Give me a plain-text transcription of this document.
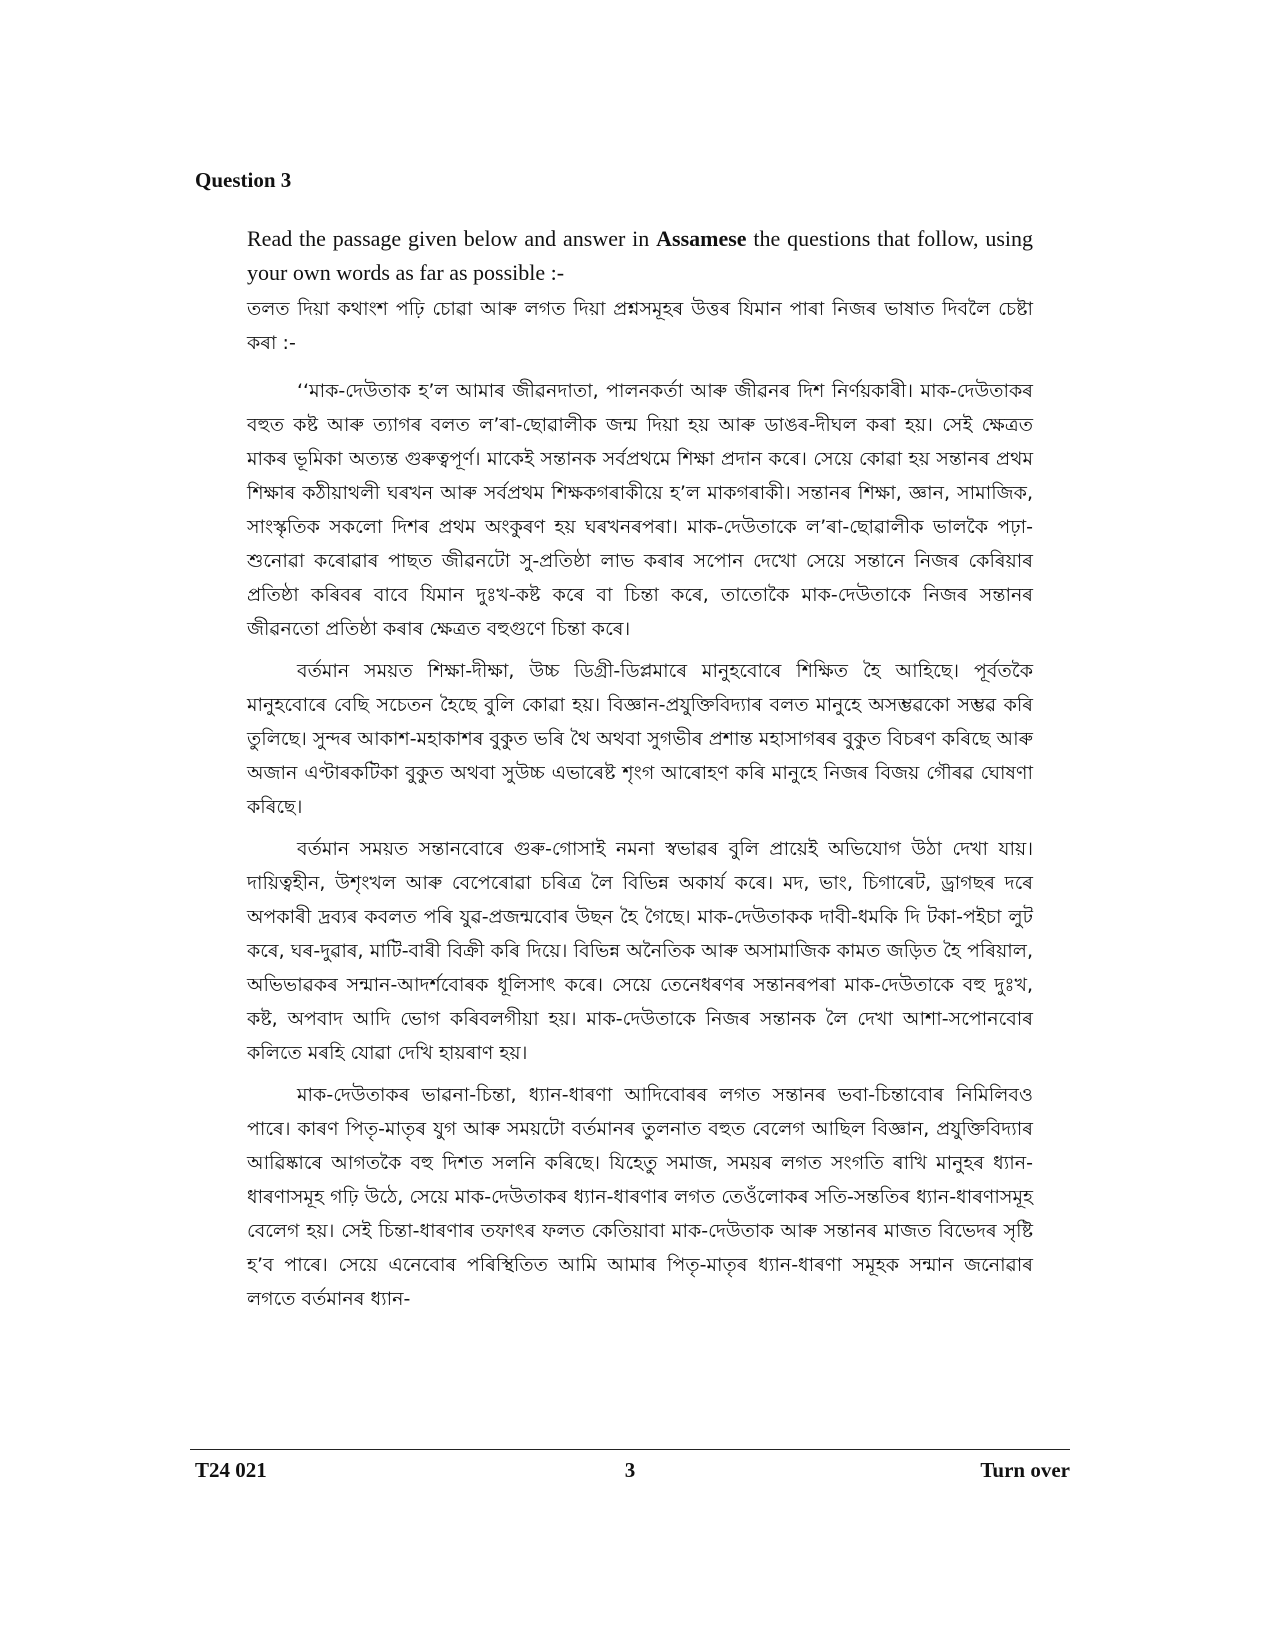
Question 3

Read the passage given below and answer in Assamese the questions that follow, using your own words as far as possible :-

তলত দিয়া কথাংশ পঢ়ি চোৱা আৰু লগত দিয়া প্ৰশ্নসমূহৰ উত্তৰ যিমান পাৰা নিজৰ ভাষাত দিবলৈ চেষ্টা কৰা :-

‘‘মাক-দেউতাক হ’ল আমাৰ জীৱনদাতা, পালনকৰ্তা আৰু জীৱনৰ দিশ নিৰ্ণয়কাৰী। মাক-দেউতাকৰ বহুত কষ্ট আৰু ত্যাগৰ বলত ল’ৰা-ছোৱালীক জন্ম দিয়া হয় আৰু ডাঙৰ-দীঘল কৰা হয়। সেই ক্ষেত্ৰত মাকৰ ভূমিকা অত্যন্ত গুৰুত্বপূৰ্ণ। মাকেই সন্তানক সৰ্বপ্ৰথমে শিক্ষা প্ৰদান কৰে। সেয়ে কোৱা হয় সন্তানৰ প্ৰথম শিক্ষাৰ কঠীয়াথলী ঘৰখন আৰু সৰ্বপ্ৰথম শিক্ষকগৰাকীয়ে হ’ল মাকগৰাকী। সন্তানৰ শিক্ষা, জ্ঞান, সামাজিক, সাংস্কৃতিক সকলো দিশৰ প্ৰথম অংকুৰণ হয় ঘৰখনৰপৰা। মাক-দেউতাকে ল’ৰা-ছোৱালীক ভালকৈ পঢ়া-শুনোৱা কৰোৱাৰ পাছত জীৱনটো সু-প্ৰতিষ্ঠা লাভ কৰাৰ সপোন দেখো সেয়ে সন্তানে নিজৰ কেৰিয়াৰ প্ৰতিষ্ঠা কৰিবৰ বাবে যিমান দুঃখ-কষ্ট কৰে বা চিন্তা কৰে, তাতোকৈ মাক-দেউতাকে নিজৰ সন্তানৰ জীৱনতো প্ৰতিষ্ঠা কৰাৰ ক্ষেত্ৰত বহুগুণে চিন্তা কৰে।

বৰ্তমান সময়ত শিক্ষা-দীক্ষা, উচ্চ ডিগ্ৰী-ডিপ্লমাৰে মানুহবোৰে শিক্ষিত হৈ আহিছে। পূৰ্বতকৈ মানুহবোৰে বেছি সচেতন হৈছে বুলি কোৱা হয়। বিজ্ঞান-প্ৰযুক্তিবিদ্যাৰ বলত মানুহে অসম্ভৱকো সম্ভৱ কৰি তুলিছে। সুন্দৰ আকাশ-মহাকাশৰ বুকুত ভৰি থৈ অথবা সুগভীৰ প্ৰশান্ত মহাসাগৰৰ বুকুত বিচৰণ কৰিছে আৰু অজান এণ্টাৰকটিকা বুকুত অথবা সুউচ্চ এভাৰেষ্ট শৃংগ আৰোহণ কৰি মানুহে নিজৰ বিজয় গৌৰৱ ঘোষণা কৰিছে।

বৰ্তমান সময়ত সন্তানবোৰে গুৰু-গোসাই নমনা স্বভাৱৰ বুলি প্ৰায়েই অভিযোগ উঠা দেখা যায়। দায়িত্বহীন, উশৃংখল আৰু বেপেৰোৱা চৰিত্ৰ লৈ বিভিন্ন অকাৰ্য কৰে। মদ, ভাং, চিগাৰেট, ড্ৰাগছৰ দৰে অপকাৰী দ্ৰব্যৰ কবলত পৰি যুৱ-প্ৰজন্মবোৰ উছন হৈ গৈছে। মাক-দেউতাকক দাবী-ধমকি দি টকা-পইচা লুট কৰে, ঘৰ-দুৱাৰ, মাটি-বাৰী বিক্ৰী কৰি দিয়ে। বিভিন্ন অনৈতিক আৰু অসামাজিক কামত জড়িত হৈ পৰিয়াল, অভিভাৱকৰ সন্মান-আদৰ্শবোৰক ধূলিসাৎ কৰে। সেয়ে তেনেধৰণৰ সন্তানৰপৰা মাক-দেউতাকে বহু দুঃখ, কষ্ট, অপবাদ আদি ভোগ কৰিবলগীয়া হয়। মাক-দেউতাকে নিজৰ সন্তানক লৈ দেখা আশা-সপোনবোৰ কলিতে মৰহি যোৱা দেখি হায়ৰাণ হয়।

মাক-দেউতাকৰ ভাৱনা-চিন্তা, ধ্যান-ধাৰণা আদিবোৰৰ লগত সন্তানৰ ভবা-চিন্তাবোৰ নিমিলিবও পাৰে। কাৰণ পিতৃ-মাতৃৰ যুগ আৰু সময়টো বৰ্তমানৰ তুলনাত বহুত বেলেগ আছিল বিজ্ঞান, প্ৰযুক্তিবিদ্যাৰ আৱিষ্কাৰে আগতকৈ বহু দিশত সলনি কৰিছে। যিহেতু সমাজ, সময়ৰ লগত সংগতি ৰাখি মানুহৰ ধ্যান-ধাৰণাসমূহ গঢ়ি উঠে, সেয়ে মাক-দেউতাকৰ ধ্যান-ধাৰণাৰ লগত তেওঁলোকৰ সতি-সন্ততিৰ ধ্যান-ধাৰণাসমূহ বেলেগ হয়। সেই চিন্তা-ধাৰণাৰ তফাৎৰ ফলত কেতিয়াবা মাক-দেউতাক আৰু সন্তানৰ মাজত বিভেদৰ সৃষ্টি হ’ব পাৰে। সেয়ে এনেবোৰ পৰিস্থিতিত আমি আমাৰ পিতৃ-মাতৃৰ ধ্যান-ধাৰণা সমূহক সন্মান জনোৱাৰ লগতে বৰ্তমানৰ ধ্যান-

T24 021	3	Turn over
